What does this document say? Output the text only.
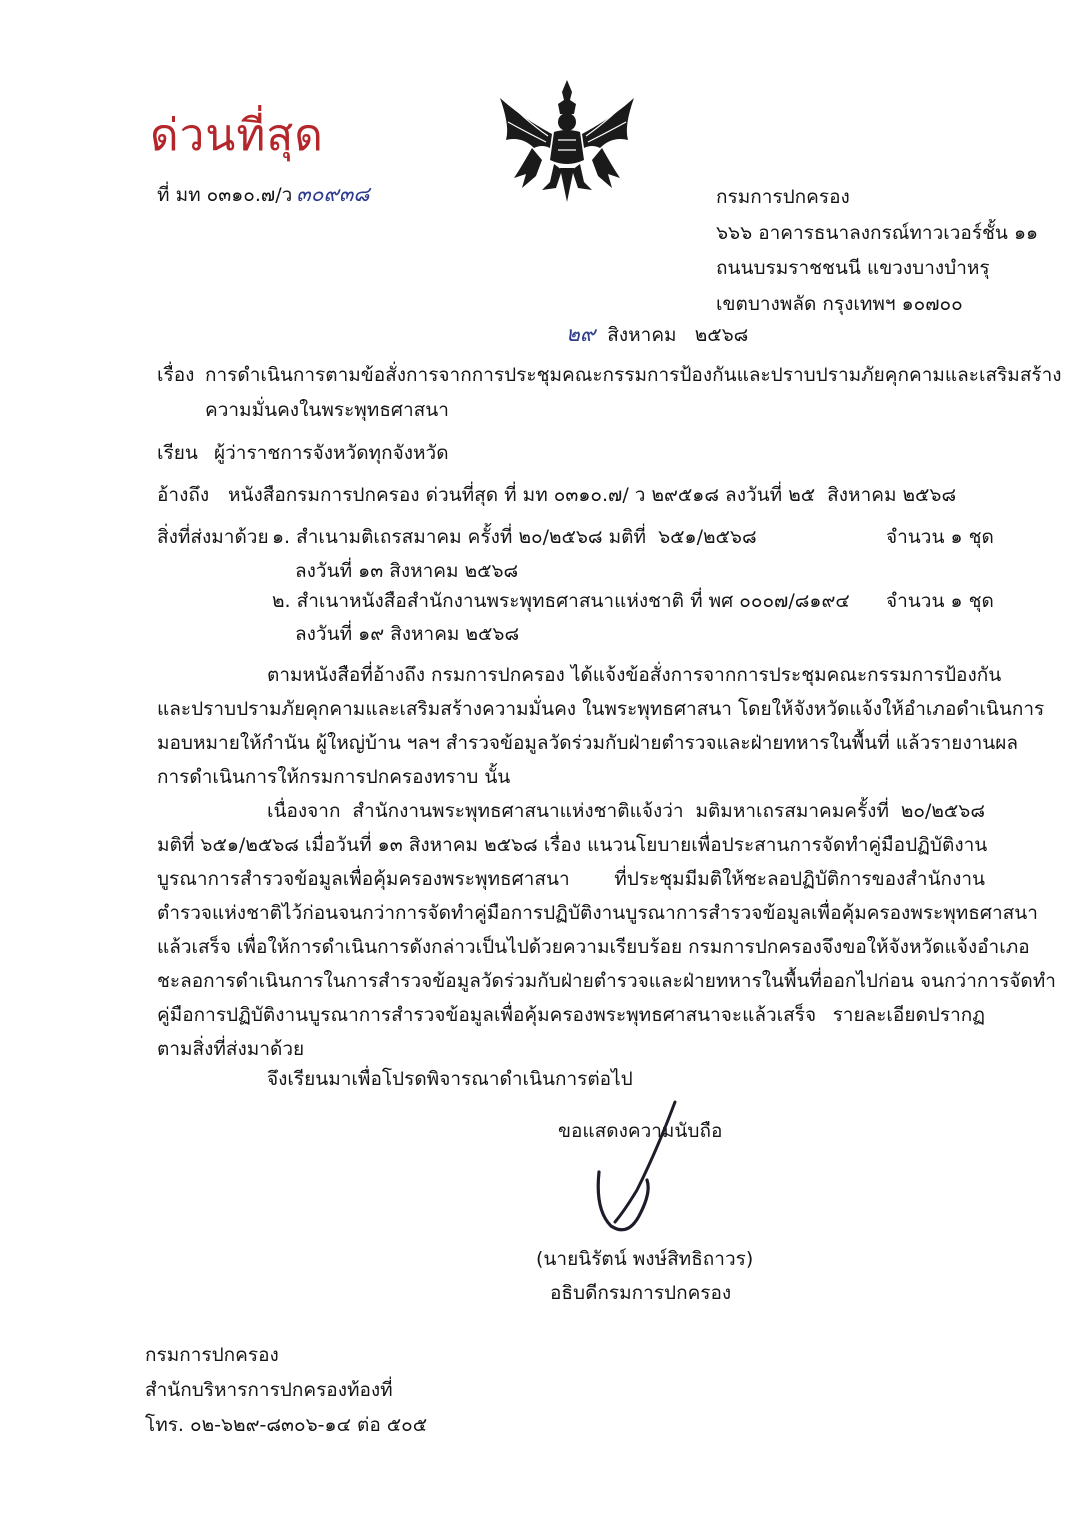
ด่วนที่สุด
ที่ มท ๐๓๑๐.๗/ว ๓๐๙๓๘	กรมการปกครอง
๖๖๖ อาคารธนาลงกรณ์ทาวเวอร์ชั้น ๑๑
ถนนบรมราชชนนี แขวงบางบำหรุ
เขตบางพลัด กรุงเทพฯ ๑๐๗๐๐
๒๙ สิงหาคม   ๒๕๖๘
เรื่อง การดำเนินการตามข้อสั่งการจากการประชุมคณะกรรมการป้องกันและปราบปรามภัยคุกคามและเสริมสร้าง
ความมั่นคงในพระพุทธศาสนา
เรียน ผู้ว่าราชการจังหวัดทุกจังหวัด
อ้างถึง หนังสือกรมการปกครอง ด่วนที่สุด ที่ มท ๐๓๑๐.๗/ ว ๒๙๕๑๘ ลงวันที่ ๒๕  สิงหาคม ๒๕๖๘
สิ่งที่ส่งมาด้วย ๑. สำเนามติเถรสมาคม ครั้งที่ ๒๐/๒๕๖๘ มติที่  ๖๕๑/๒๕๖๘	จำนวน ๑ ชุด
ลงวันที่ ๑๓ สิงหาคม ๒๕๖๘
๒. สำเนาหนังสือสำนักงานพระพุทธศาสนาแห่งชาติ ที่ พศ ๐๐๐๗/๘๑๙๔ จำนวน ๑ ชุด
ลงวันที่ ๑๙ สิงหาคม ๒๕๖๘
ตามหนังสือที่อ้างถึง กรมการปกครอง ได้แจ้งข้อสั่งการจากการประชุมคณะกรรมการป้องกัน
และปราบปรามภัยคุกคามและเสริมสร้างความมั่นคง ในพระพุทธศาสนา โดยให้จังหวัดแจ้งให้อำเภอดำเนินการ
มอบหมายให้กำนัน ผู้ใหญ่บ้าน ฯลฯ สำรวจข้อมูลวัดร่วมกับฝ่ายตำรวจและฝ่ายทหารในพื้นที่ แล้วรายงานผล
การดำเนินการให้กรมการปกครองทราบ นั้น
เนื่องจาก สำนักงานพระพุทธศาสนาแห่งชาติแจ้งว่า มติมหาเถรสมาคมครั้งที่ ๒๐/๒๕๖๘
มติที่ ๖๕๑/๒๕๖๘ เมื่อวันที่ ๑๓ สิงหาคม ๒๕๖๘ เรื่อง แนวนโยบายเพื่อประสานการจัดทำคู่มือปฏิบัติงาน
บูรณาการสำรวจข้อมูลเพื่อคุ้มครองพระพุทธศาสนา ที่ประชุมมีมติให้ชะลอปฏิบัติการของสำนักงาน
ตำรวจแห่งชาติไว้ก่อนจนกว่าการจัดทำคู่มือการปฏิบัติงานบูรณาการสำรวจข้อมูลเพื่อคุ้มครองพระพุทธศาสนา
แล้วเสร็จ เพื่อให้การดำเนินการดังกล่าวเป็นไปด้วยความเรียบร้อย กรมการปกครองจึงขอให้จังหวัดแจ้งอำเภอ
ชะลอการดำเนินการในการสำรวจข้อมูลวัดร่วมกับฝ่ายตำรวจและฝ่ายทหารในพื้นที่ออกไปก่อน จนกว่าการจัดทำ
คู่มือการปฏิบัติงานบูรณาการสำรวจข้อมูลเพื่อคุ้มครองพระพุทธศาสนาจะแล้วเสร็จ รายละเอียดปรากฏ
ตามสิ่งที่ส่งมาด้วย
จึงเรียนมาเพื่อโปรดพิจารณาดำเนินการต่อไป
ขอแสดงความนับถือ
(นายนิรัตน์ พงษ์สิทธิถาวร)
อธิบดีกรมการปกครอง
กรมการปกครอง
สำนักบริหารการปกครองท้องที่
โทร. ๐๒-๖๒๙-๘๓๐๖-๑๔ ต่อ ๕๐๕
